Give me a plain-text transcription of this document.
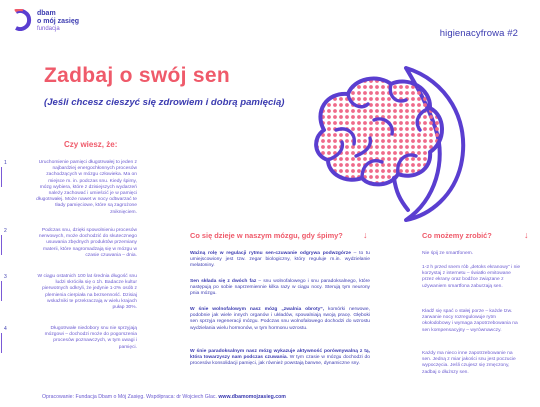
dbam
o mój zasięg
fundacja	higienacyfrowa #2
Zadbaj o swój sen
(Jeśli chcesz cieszyć się zdrowiem i dobrą pamięcią)
Czy wiesz, że:
1	Uruchomienie pamięci długotrwałej to jeden z najbardziej energochłonnych procesów zachodzących w mózgu człowieka. Ma on miejsce m. in. podczas snu. Kiedy śpimy, mózg wybiera, które z dzisiejszych wydarzeń należy zachować i umieścić je w pamięci długotrwałej. Może nawet w nocy odtwarzać te tłady pamięciowe, które są zagrożone zniknięciem.
2	Podczas snu, dzięki spowolnieniu procesów nerwowych, może dochodzić do skutecznego usuwania zbędnych produktów przemiany materii, które nagromadzają się w mózgu w czasie czuwania – dnia.
3	W ciągu ostatnich 100 lat średnia długość snu ludzi skróciła się o 1h. Badacze kultur pierwotnych odkryli, że jedynie 1-2% osób z plemienia cierpiała na bezsenność. Dzisiaj wskaźniki te przekraczają w wielu krajach pułap 30%.
4	Długotrwałe niedobory snu nie sprzyjają mózgowi – dochodzi może do pogorszenia procesów poznawczych, w tym uwagi i pamięci.
Co się dzieje w naszym mózgu, gdy śpimy? ↓
Ważną rolę w regulacji rytmu sen-czuwanie odgrywa podwzgórze – to tu umiejscowiony jest tzw. zegar biologiczny, który reguluje m.in. wydzielanie melatoniny.
Sen składa się z dwóch faz – snu wolnofalowego i snu paradoksalnego, które następują po sobie naprzemiennie kilka razy w ciągu nocy. Sterują tym neurony pnia mózgu.
W śnie wolnofalowym nasz mózg „zwalnia obroty”, komórki nerwowe, podobnie jak wiele innych organów i układów, spowalniają swoją pracę. Głęboki sen sprzyja regeneracji mózgu. Podczas snu wolnofalowego dochodzi do wzrostu wydzielania wielu hormonów, w tym hormonu wzrostu.
W śnie paradoksalnym nasz mózg wykazuje aktywność porównywalną z tą, która towarzyszy nam podczas czuwania. W tym czasie w mózgu dochodzi do procesów konsolidacji pamięci, jak również powstają barwne, dynamiczne sny.
Co możemy zrobić?	↓
Nie śpij ze smartfonem.
1-2 h przed snem rób „detoks ekranowy” i nie korzystaj z internetu – światło emitowane przez ekrany oraz bodźce związane z używaniem smartfona zaburzają sen.
Kładź się spać o stałej porze – każde tzw. zarwanie nocy rozregulowuje rytm okołodobowy i wymaga zapotrzebowania na sen kompensacyjny – wyrównawczy.
Każdy ma nieco inne zapotrzebowanie na sen. Jedną z miar jakości snu jest poczucie wypoczęcia. Jeśli czujesz się zmęczony, zadbaj o dłuższy sen.
Opracowanie: Fundacja Dbam o Mój Zasięg. Współpraca: dr Wojciech Glac. www.dbamomojzasieg.com
